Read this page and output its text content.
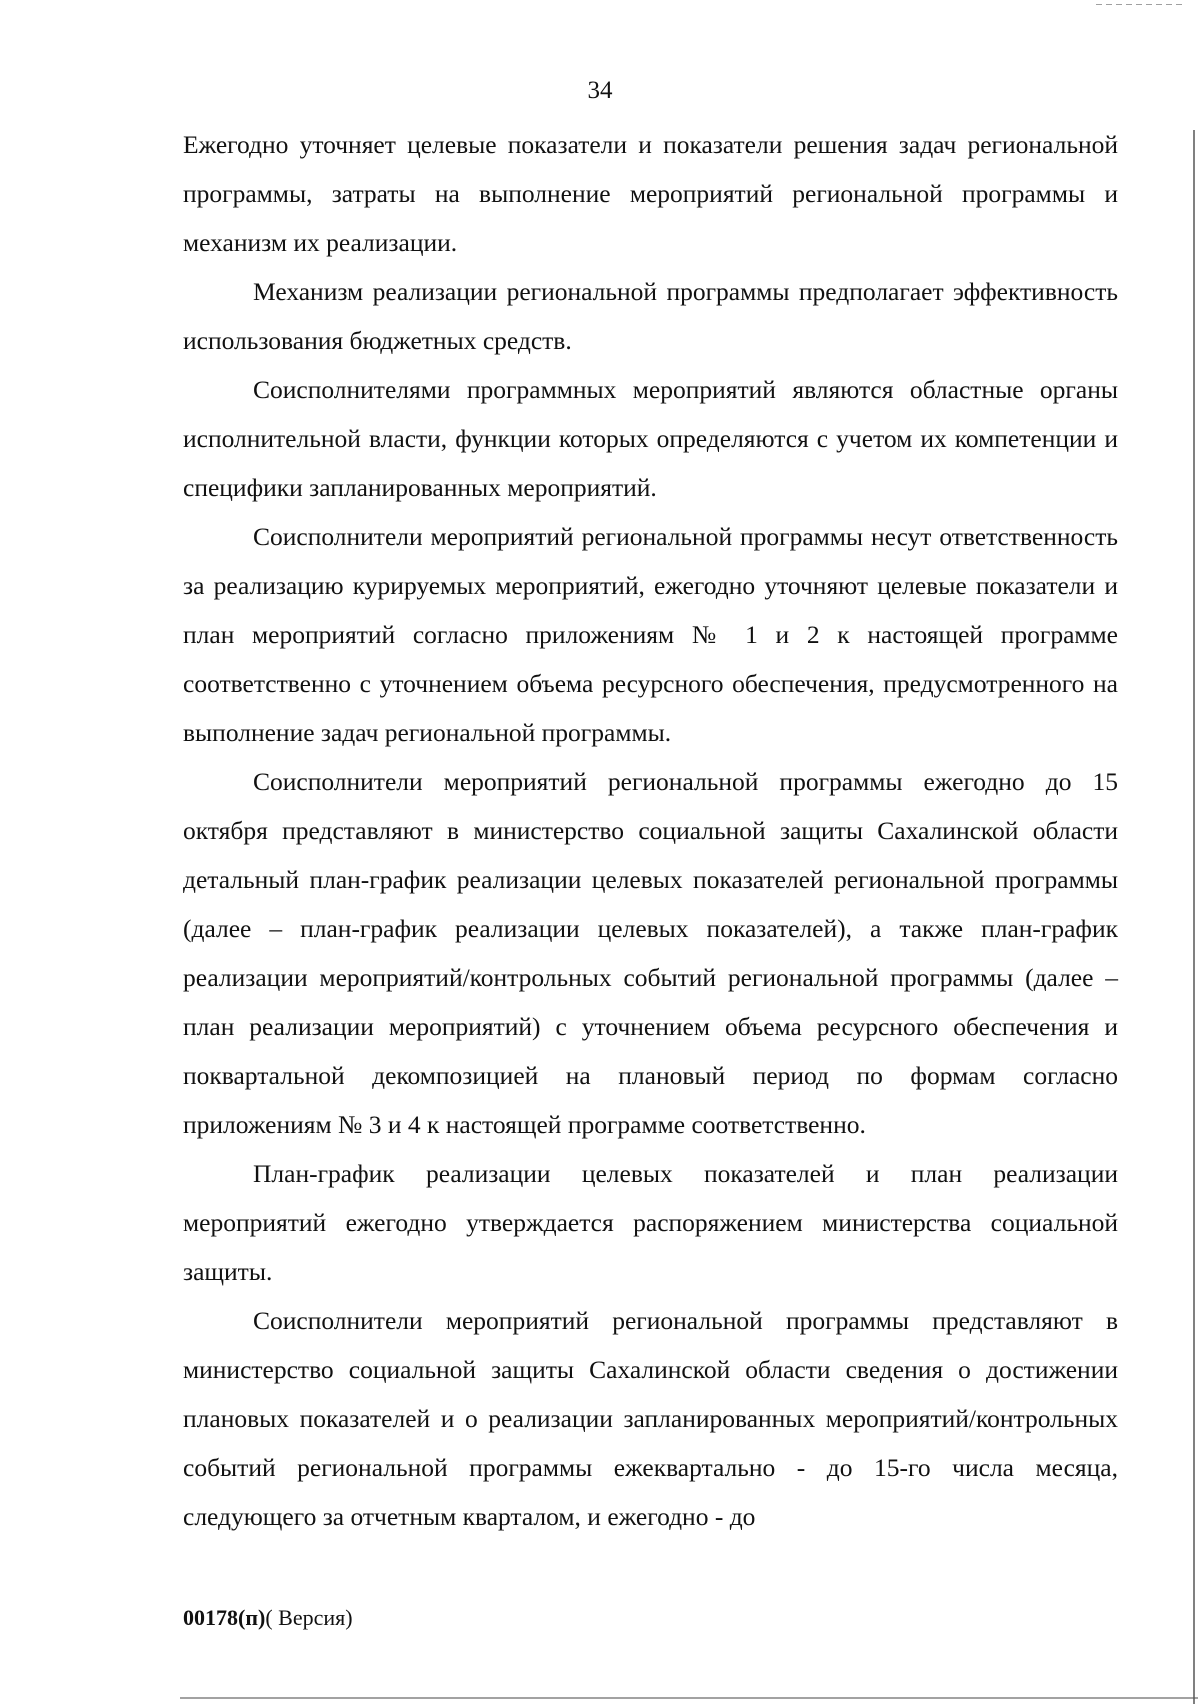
34

Ежегодно уточняет целевые показатели и показатели решения задач региональной программы, затраты на выполнение мероприятий региональной программы и механизм их реализации.

Механизм реализации региональной программы предполагает эффективность использования бюджетных средств.

Соисполнителями программных мероприятий являются областные органы исполнительной власти, функции которых определяются с учетом их компетенции и специфики запланированных мероприятий.

Соисполнители мероприятий региональной программы несут ответственность за реализацию курируемых мероприятий, ежегодно уточняют целевые показатели и план мероприятий согласно приложениям № 1 и 2 к настоящей программе соответственно с уточнением объема ресурсного обеспечения, предусмотренного на выполнение задач региональной программы.

Соисполнители мероприятий региональной программы ежегодно до 15 октября представляют в министерство социальной защиты Сахалинской области детальный план-график реализации целевых показателей региональной программы (далее – план-график реализации целевых показателей), а также план-график реализации мероприятий/контрольных событий региональной программы (далее – план реализации мероприятий) с уточнением объема ресурсного обеспечения и поквартальной декомпозицией на плановый период по формам согласно приложениям № 3 и 4 к настоящей программе соответственно.

План-график реализации целевых показателей и план реализации мероприятий ежегодно утверждается распоряжением министерства социальной защиты.

Соисполнители мероприятий региональной программы представляют в министерство социальной защиты Сахалинской области сведения о достижении плановых показателей и о реализации запланированных мероприятий/контрольных событий региональной программы ежеквартально - до 15-го числа месяца, следующего за отчетным кварталом, и ежегодно - до

00178(п)( Версия)
